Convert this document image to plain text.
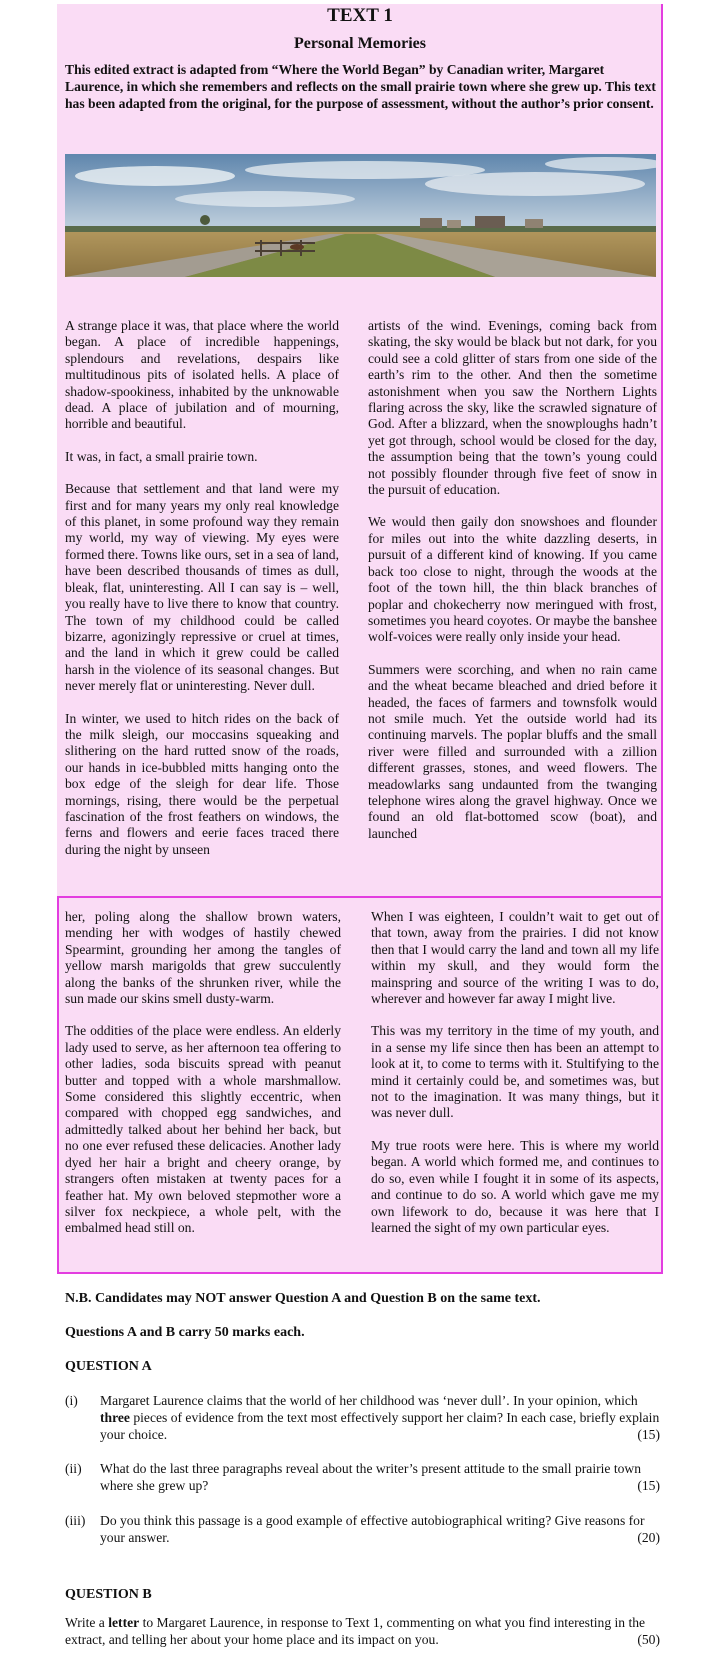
TEXT 1
Personal Memories

This edited extract is adapted from “Where the World Began” by Canadian writer, Margaret Laurence, in which she remembers and reflects on the small prairie town where she grew up. This text has been adapted from the original, for the purpose of assessment, without the author’s prior consent.

A strange place it was, that place where the world began. A place of incredible happenings, splendours and revelations, despairs like multitudinous pits of isolated hells. A place of shadow-spookiness, inhabited by the unknowable dead. A place of jubilation and of mourning, horrible and beautiful.

It was, in fact, a small prairie town.

Because that settlement and that land were my first and for many years my only real knowledge of this planet, in some profound way they remain my world, my way of viewing. My eyes were formed there. Towns like ours, set in a sea of land, have been described thousands of times as dull, bleak, flat, uninteresting. All I can say is – well, you really have to live there to know that country. The town of my childhood could be called bizarre, agonizingly repressive or cruel at times, and the land in which it grew could be called harsh in the violence of its seasonal changes. But never merely flat or uninteresting. Never dull.

In winter, we used to hitch rides on the back of the milk sleigh, our moccasins squeaking and slithering on the hard rutted snow of the roads, our hands in ice-bubbled mitts hanging onto the box edge of the sleigh for dear life. Those mornings, rising, there would be the perpetual fascination of the frost feathers on windows, the ferns and flowers and eerie faces traced there during the night by unseen

artists of the wind. Evenings, coming back from skating, the sky would be black but not dark, for you could see a cold glitter of stars from one side of the earth’s rim to the other. And then the sometime astonishment when you saw the Northern Lights flaring across the sky, like the scrawled signature of God. After a blizzard, when the snowploughs hadn’t yet got through, school would be closed for the day, the assumption being that the town’s young could not possibly flounder through five feet of snow in the pursuit of education.

We would then gaily don snowshoes and flounder for miles out into the white dazzling deserts, in pursuit of a different kind of knowing. If you came back too close to night, through the woods at the foot of the town hill, the thin black branches of poplar and chokecherry now meringued with frost, sometimes you heard coyotes. Or maybe the banshee wolf-voices were really only inside your head.

Summers were scorching, and when no rain came and the wheat became bleached and dried before it headed, the faces of farmers and townsfolk would not smile much. Yet the outside world had its continuing marvels. The poplar bluffs and the small river were filled and surrounded with a zillion different grasses, stones, and weed flowers. The meadowlarks sang undaunted from the twanging telephone wires along the gravel highway. Once we found an old flat-bottomed scow (boat), and launched

her, poling along the shallow brown waters, mending her with wodges of hastily chewed Spearmint, grounding her among the tangles of yellow marsh marigolds that grew succulently along the banks of the shrunken river, while the sun made our skins smell dusty-warm.

The oddities of the place were endless. An elderly lady used to serve, as her afternoon tea offering to other ladies, soda biscuits spread with peanut butter and topped with a whole marshmallow. Some considered this slightly eccentric, when compared with chopped egg sandwiches, and admittedly talked about her behind her back, but no one ever refused these delicacies. Another lady dyed her hair a bright and cheery orange, by strangers often mistaken at twenty paces for a feather hat. My own beloved stepmother wore a silver fox neckpiece, a whole pelt, with the embalmed head still on.

When I was eighteen, I couldn’t wait to get out of that town, away from the prairies. I did not know then that I would carry the land and town all my life within my skull, and they would form the mainspring and source of the writing I was to do, wherever and however far away I might live.

This was my territory in the time of my youth, and in a sense my life since then has been an attempt to look at it, to come to terms with it. Stultifying to the mind it certainly could be, and sometimes was, but not to the imagination. It was many things, but it was never dull.

My true roots were here. This is where my world began. A world which formed me, and continues to do so, even while I fought it in some of its aspects, and continue to do so. A world which gave me my own lifework to do, because it was here that I learned the sight of my own particular eyes.

N.B. Candidates may NOT answer Question A and Question B on the same text.
Questions A and B carry 50 marks each.
QUESTION A
(i) Margaret Laurence claims that the world of her childhood was ‘never dull’. In your opinion, which three pieces of evidence from the text most effectively support her claim? In each case, briefly explain your choice.	(15)
(ii) What do the last three paragraphs reveal about the writer’s present attitude to the small prairie town where she grew up?	(15)
(iii) Do you think this passage is a good example of effective autobiographical writing? Give reasons for your answer.	(20)
QUESTION B
Write a letter to Margaret Laurence, in response to Text 1, commenting on what you find interesting in the extract, and telling her about your home place and its impact on you.	(50)
